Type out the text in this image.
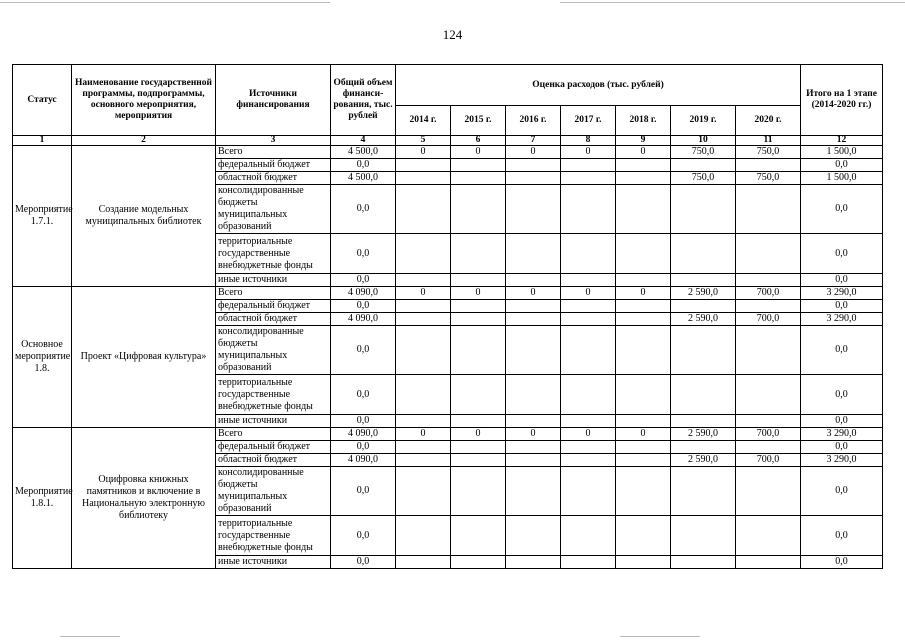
124
Статус	Наименование государственной программы, подпрограммы, основного мероприятия, мероприятия	Источники финансирования	Общий объем финанси-рования, тыс. рублей	Оценка расходов (тыс. рублей)							Итого на 1 этапе (2014-2020 гг.)
				2014 г.	2015 г.	2016 г.	2017 г.	2018 г.	2019 г.	2020 г.	
1	2	3	4	5	6	7	8	9	10	11	12
Мероприятие 1.7.1.	Создание модельных муниципальных библиотек	Всего	4 500,0	0	0	0	0	0	750,0	750,0	1 500,0
		федеральный бюджет	0,0								0,0
		областной бюджет	4 500,0						750,0	750,0	1 500,0
		консолидированные бюджеты муниципальных образований	0,0								0,0
		территориальные государственные внебюджетные фонды	0,0								0,0
		иные источники	0,0								0,0
Основное мероприятие 1.8.	Проект «Цифровая культура»	Всего	4 090,0	0	0	0	0	0	2 590,0	700,0	3 290,0
		федеральный бюджет	0,0								0,0
		областной бюджет	4 090,0						2 590,0	700,0	3 290,0
		консолидированные бюджеты муниципальных образований	0,0								0,0
		территориальные государственные внебюджетные фонды	0,0								0,0
		иные источники	0,0								0,0
Мероприятие 1.8.1.	Оцифровка книжных памятников и включение в Национальную электронную библиотеку	Всего	4 090,0	0	0	0	0	0	2 590,0	700,0	3 290,0
		федеральный бюджет	0,0								0,0
		областной бюджет	4 090,0						2 590,0	700,0	3 290,0
		консолидированные бюджеты муниципальных образований	0,0								0,0
		территориальные государственные внебюджетные фонды	0,0								0,0
		иные источники	0,0								0,0
